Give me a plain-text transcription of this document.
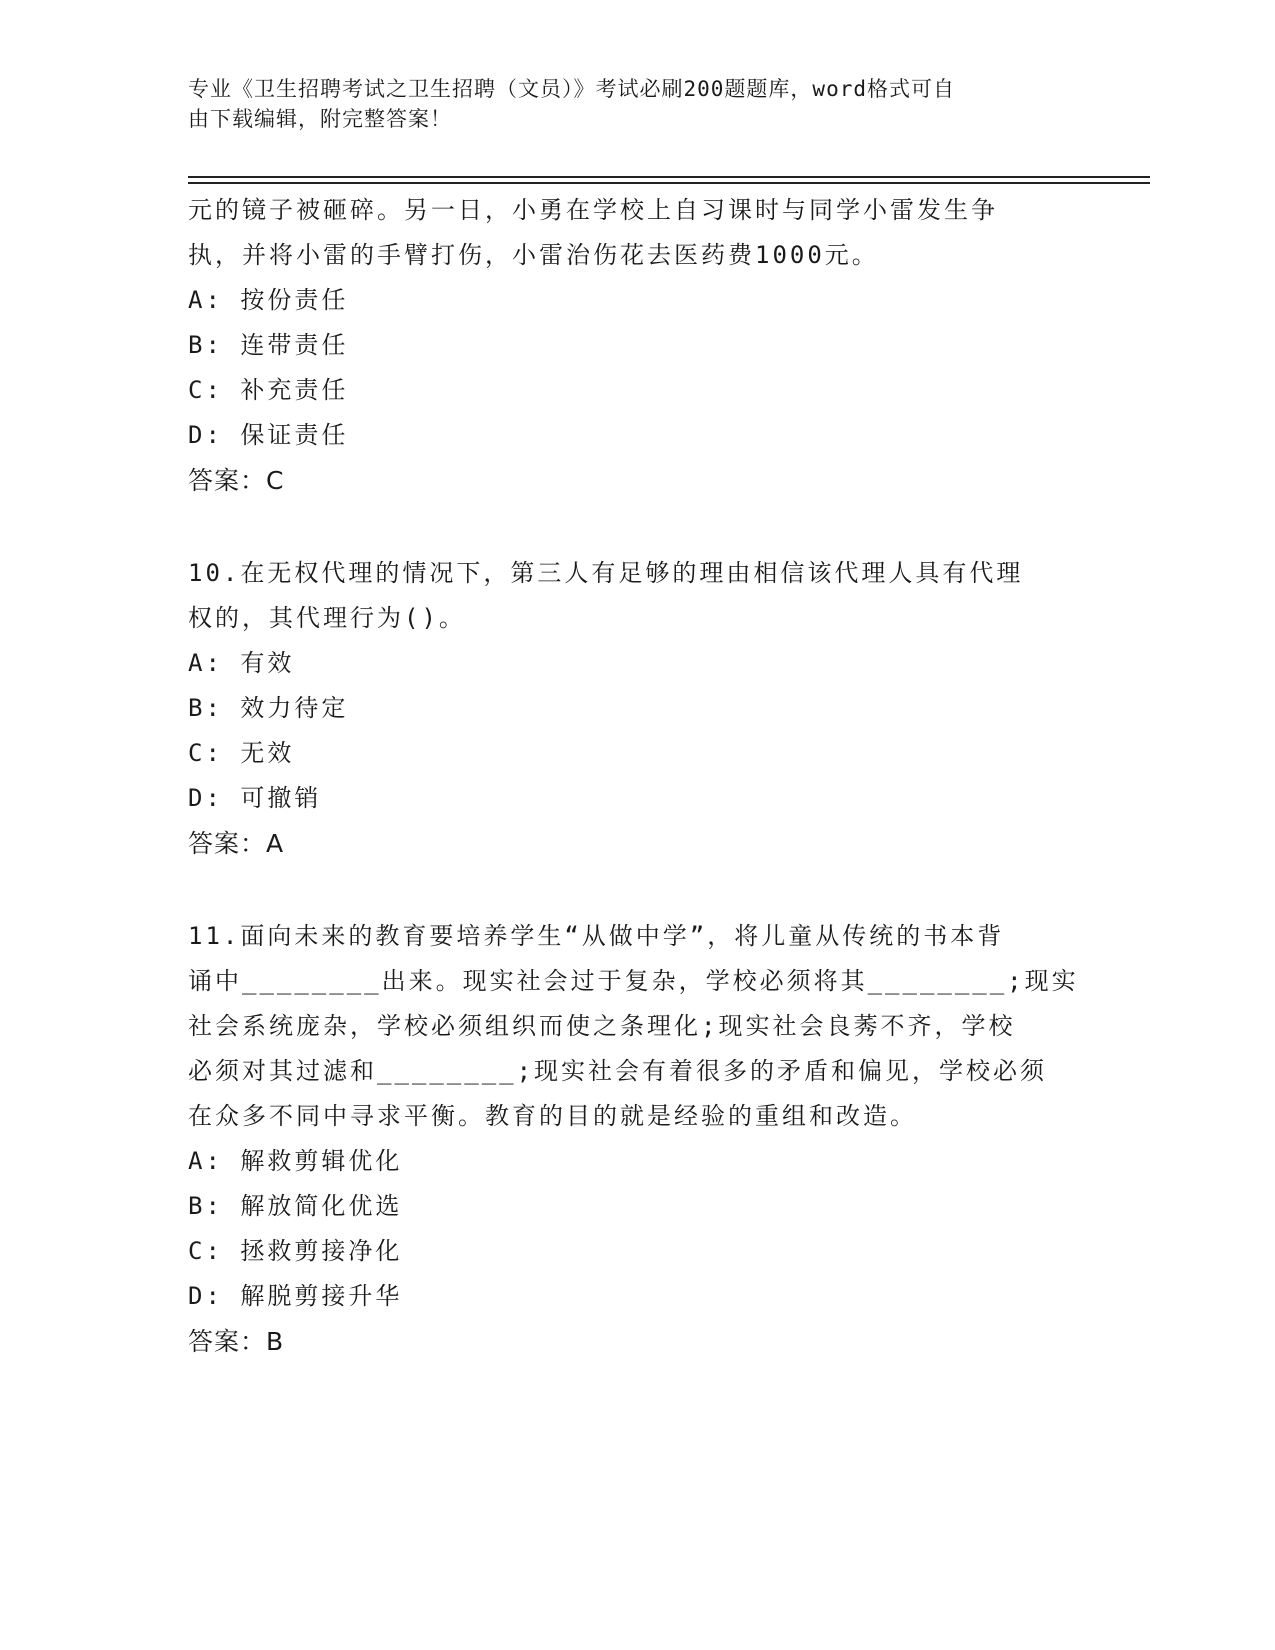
专业《卫生招聘考试之卫生招聘（文员）》考试必刷200题题库，word格式可自
由下载编辑，附完整答案！
元的镜子被砸碎。另一日，小勇在学校上自习课时与同学小雷发生争
执，并将小雷的手臂打伤，小雷治伤花去医药费1000元。
A: 按份责任
B: 连带责任
C: 补充责任
D: 保证责任
答案：C
10.在无权代理的情况下，第三人有足够的理由相信该代理人具有代理
权的，其代理行为()。
A: 有效
B: 效力待定
C: 无效
D: 可撤销
答案：A
11.面向未来的教育要培养学生“从做中学”，将儿童从传统的书本背
诵中________出来。现实社会过于复杂，学校必须将其________;现实
社会系统庞杂，学校必须组织而使之条理化;现实社会良莠不齐，学校
必须对其过滤和________;现实社会有着很多的矛盾和偏见，学校必须
在众多不同中寻求平衡。教育的目的就是经验的重组和改造。
A: 解救剪辑优化
B: 解放简化优选
C: 拯救剪接净化
D: 解脱剪接升华
答案：B
